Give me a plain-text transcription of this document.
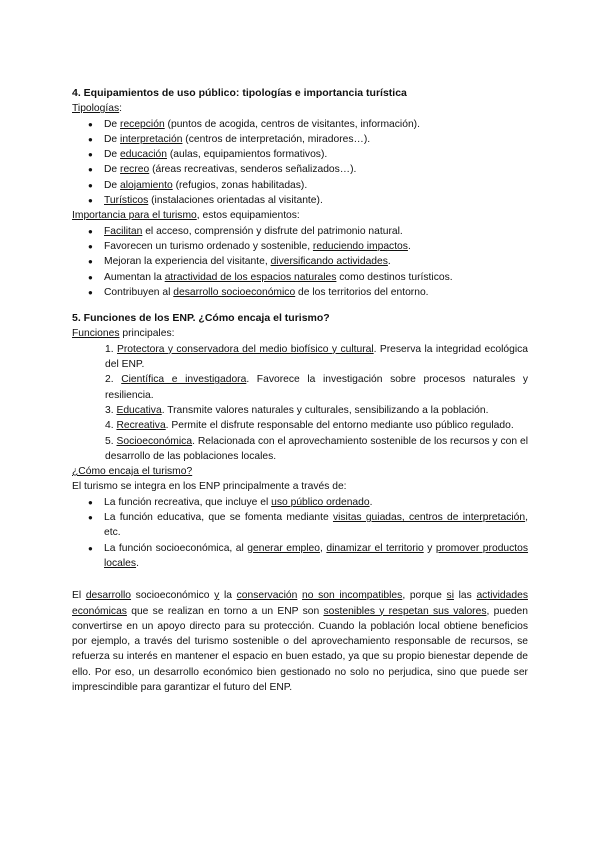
4. Equipamientos de uso público: tipologías e importancia turística
Tipologías:
● De recepción (puntos de acogida, centros de visitantes, información).
● De interpretación (centros de interpretación, miradores…).
● De educación (aulas, equipamientos formativos).
● De recreo (áreas recreativas, senderos señalizados…).
● De alojamiento (refugios, zonas habilitadas).
● Turísticos (instalaciones orientadas al visitante).
Importancia para el turismo, estos equipamientos:
● Facilitan el acceso, comprensión y disfrute del patrimonio natural.
● Favorecen un turismo ordenado y sostenible, reduciendo impactos.
● Mejoran la experiencia del visitante, diversificando actividades.
● Aumentan la atractividad de los espacios naturales como destinos turísticos.
● Contribuyen al desarrollo socioeconómico de los territorios del entorno.
5. Funciones de los ENP. ¿Cómo encaja el turismo?
Funciones principales:
1. Protectora y conservadora del medio biofísico y cultural. Preserva la integridad ecológica del ENP.
2. Científica e investigadora. Favorece la investigación sobre procesos naturales y resiliencia.
3. Educativa. Transmite valores naturales y culturales, sensibilizando a la población.
4. Recreativa. Permite el disfrute responsable del entorno mediante uso público regulado.
5. Socioeconómica. Relacionada con el aprovechamiento sostenible de los recursos y con el desarrollo de las poblaciones locales.
¿Cómo encaja el turismo?
El turismo se integra en los ENP principalmente a través de:
● La función recreativa, que incluye el uso público ordenado.
● La función educativa, que se fomenta mediante visitas guiadas, centros de interpretación, etc.
● La función socioeconómica, al generar empleo, dinamizar el territorio y promover productos locales.

El desarrollo socioeconómico y la conservación no son incompatibles, porque si las actividades económicas que se realizan en torno a un ENP son sostenibles y respetan sus valores, pueden convertirse en un apoyo directo para su protección. Cuando la población local obtiene beneficios por ejemplo, a través del turismo sostenible o del aprovechamiento responsable de recursos, se refuerza su interés en mantener el espacio en buen estado, ya que su propio bienestar depende de ello. Por eso, un desarrollo económico bien gestionado no solo no perjudica, sino que puede ser imprescindible para garantizar el futuro del ENP.
